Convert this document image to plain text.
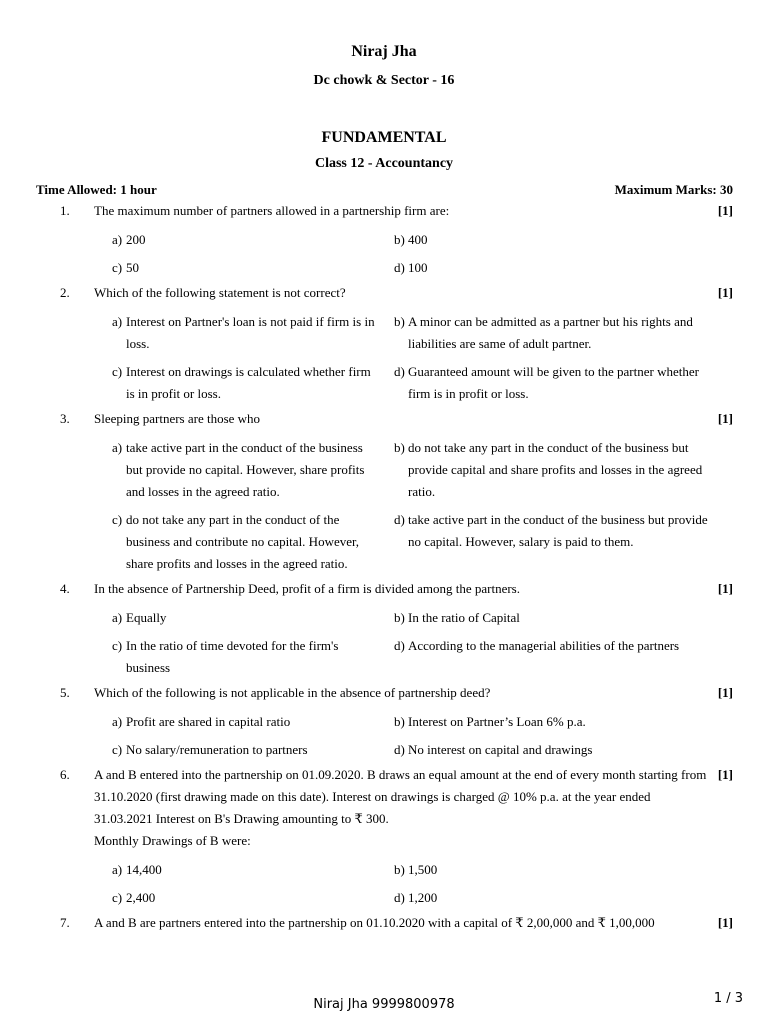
Niraj Jha
Dc chowk & Sector - 16
FUNDAMENTAL
Class 12 - Accountancy
Time Allowed: 1 hour	Maximum Marks: 30
1. The maximum number of partners allowed in a partnership firm are:	[1]
a) 200	b) 400
c) 50	d) 100
2. Which of the following statement is not correct?	[1]
a) Interest on Partner's loan is not paid if firm is in loss.
b) A minor can be admitted as a partner but his rights and liabilities are same of adult partner.
c) Interest on drawings is calculated whether firm is in profit or loss.
d) Guaranteed amount will be given to the partner whether firm is in profit or loss.
3. Sleeping partners are those who	[1]
a) take active part in the conduct of the business but provide no capital. However, share profits and losses in the agreed ratio.
b) do not take any part in the conduct of the business but provide capital and share profits and losses in the agreed ratio.
c) do not take any part in the conduct of the business and contribute no capital. However, share profits and losses in the agreed ratio.
d) take active part in the conduct of the business but provide no capital. However, salary is paid to them.
4. In the absence of Partnership Deed, profit of a firm is divided among the partners.	[1]
a) Equally	b) In the ratio of Capital
c) In the ratio of time devoted for the firm's business
d) According to the managerial abilities of the partners
5. Which of the following is not applicable in the absence of partnership deed?	[1]
a) Profit are shared in capital ratio	b) Interest on Partner’s Loan 6% p.a.
c) No salary/remuneration to partners	d) No interest on capital and drawings
6. A and B entered into the partnership on 01.09.2020. B draws an equal amount at the end of every month starting from 31.10.2020 (first drawing made on this date). Interest on drawings is charged @ 10% p.a. at the year ended 31.03.2021 Interest on B's Drawing amounting to ₹ 300.
Monthly Drawings of B were:
[1]
a) 14,400	b) 1,500
c) 2,400	d) 1,200
7. A and B are partners entered into the partnership on 01.10.2020 with a capital of ₹ 2,00,000 and ₹ 1,00,000	[1]
Niraj Jha 9999800978	1 / 3
